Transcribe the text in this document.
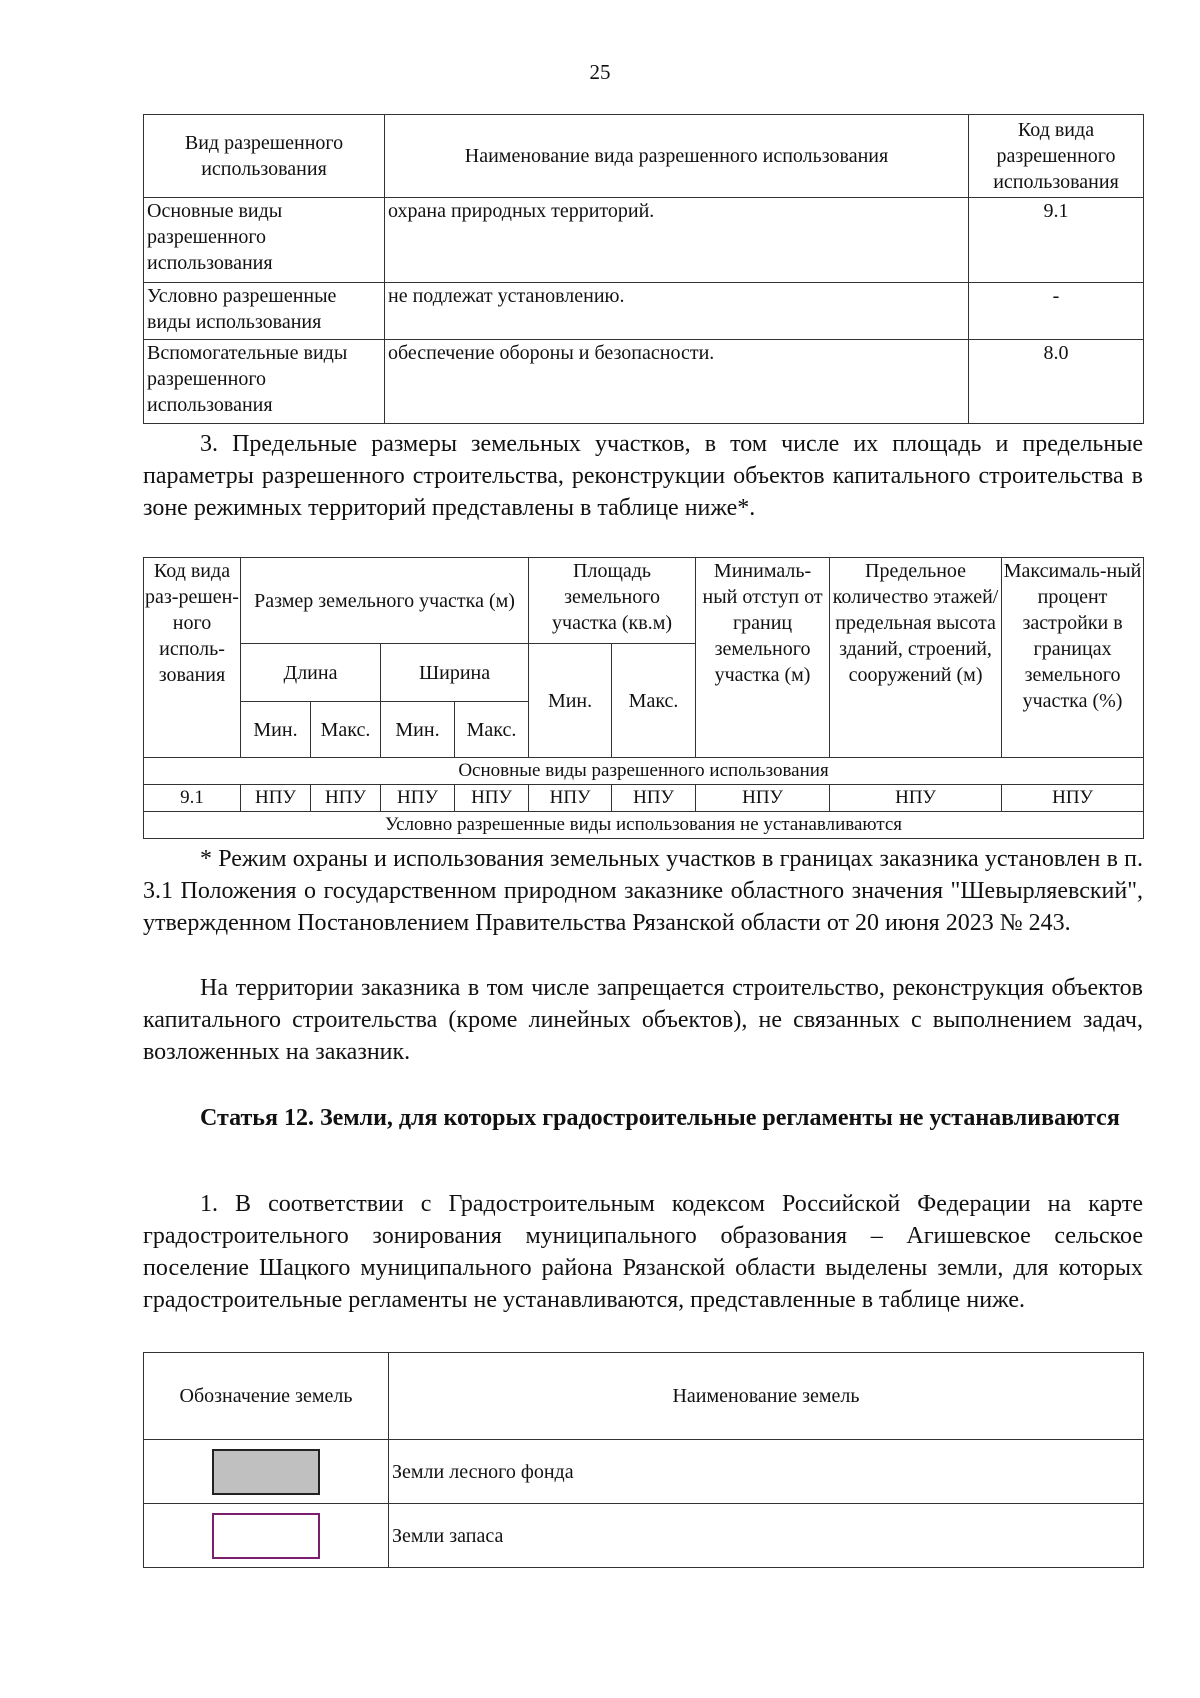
25
Вид разрешенного использования	Наименование вида разрешенного использования	Код вида разрешенного использования
Основные виды разрешенного использования	охрана природных территорий.	9.1
Условно разрешенные виды использования	не подлежат установлению.	-
Вспомогательные виды разрешенного использования	обеспечение обороны и безопасности.	8.0
3. Предельные размеры земельных участков, в том числе их площадь и предельные параметры разрешенного строительства, реконструкции объектов капитального строительства в зоне режимных территорий представлены в таблице ниже*.
Код вида раз-решен-ного исполь-зования	Размер земельного участка (м)				Площадь земельного участка (кв.м)		Минималь-ный отступ от границ земельного участка (м)	Предельное количество этажей/ предельная высота зданий, строений, сооружений (м)	Максималь-ный процент застройки в границах земельного участка (%)
	Длина		Ширина		Мин.	Макс.			
	Мин.	Макс.	Мин.	Макс.					
Основные виды разрешенного использования									
9.1	НПУ	НПУ	НПУ	НПУ	НПУ	НПУ	НПУ	НПУ	НПУ
Условно разрешенные виды использования не устанавливаются									
* Режим охраны и использования земельных участков в границах заказника установлен в п. 3.1 Положения о государственном природном заказнике областного значения "Шевырляевский", утвержденном Постановлением Правительства Рязанской области от 20 июня 2023 № 243.
На территории заказника в том числе запрещается строительство, реконструкция объектов капитального строительства (кроме линейных объектов), не связанных с выполнением задач, возложенных на заказник.
Статья 12. Земли, для которых градостроительные регламенты не устанавливаются
1. В соответствии с Градостроительным кодексом Российской Федерации на карте градостроительного зонирования муниципального образования – Агишевское сельское поселение Шацкого муниципального района Рязанской области выделены земли, для которых градостроительные регламенты не устанавливаются, представленные в таблице ниже.
Обозначение земель	Наименование земель

	Земли лесного фонда

	Земли запаса
